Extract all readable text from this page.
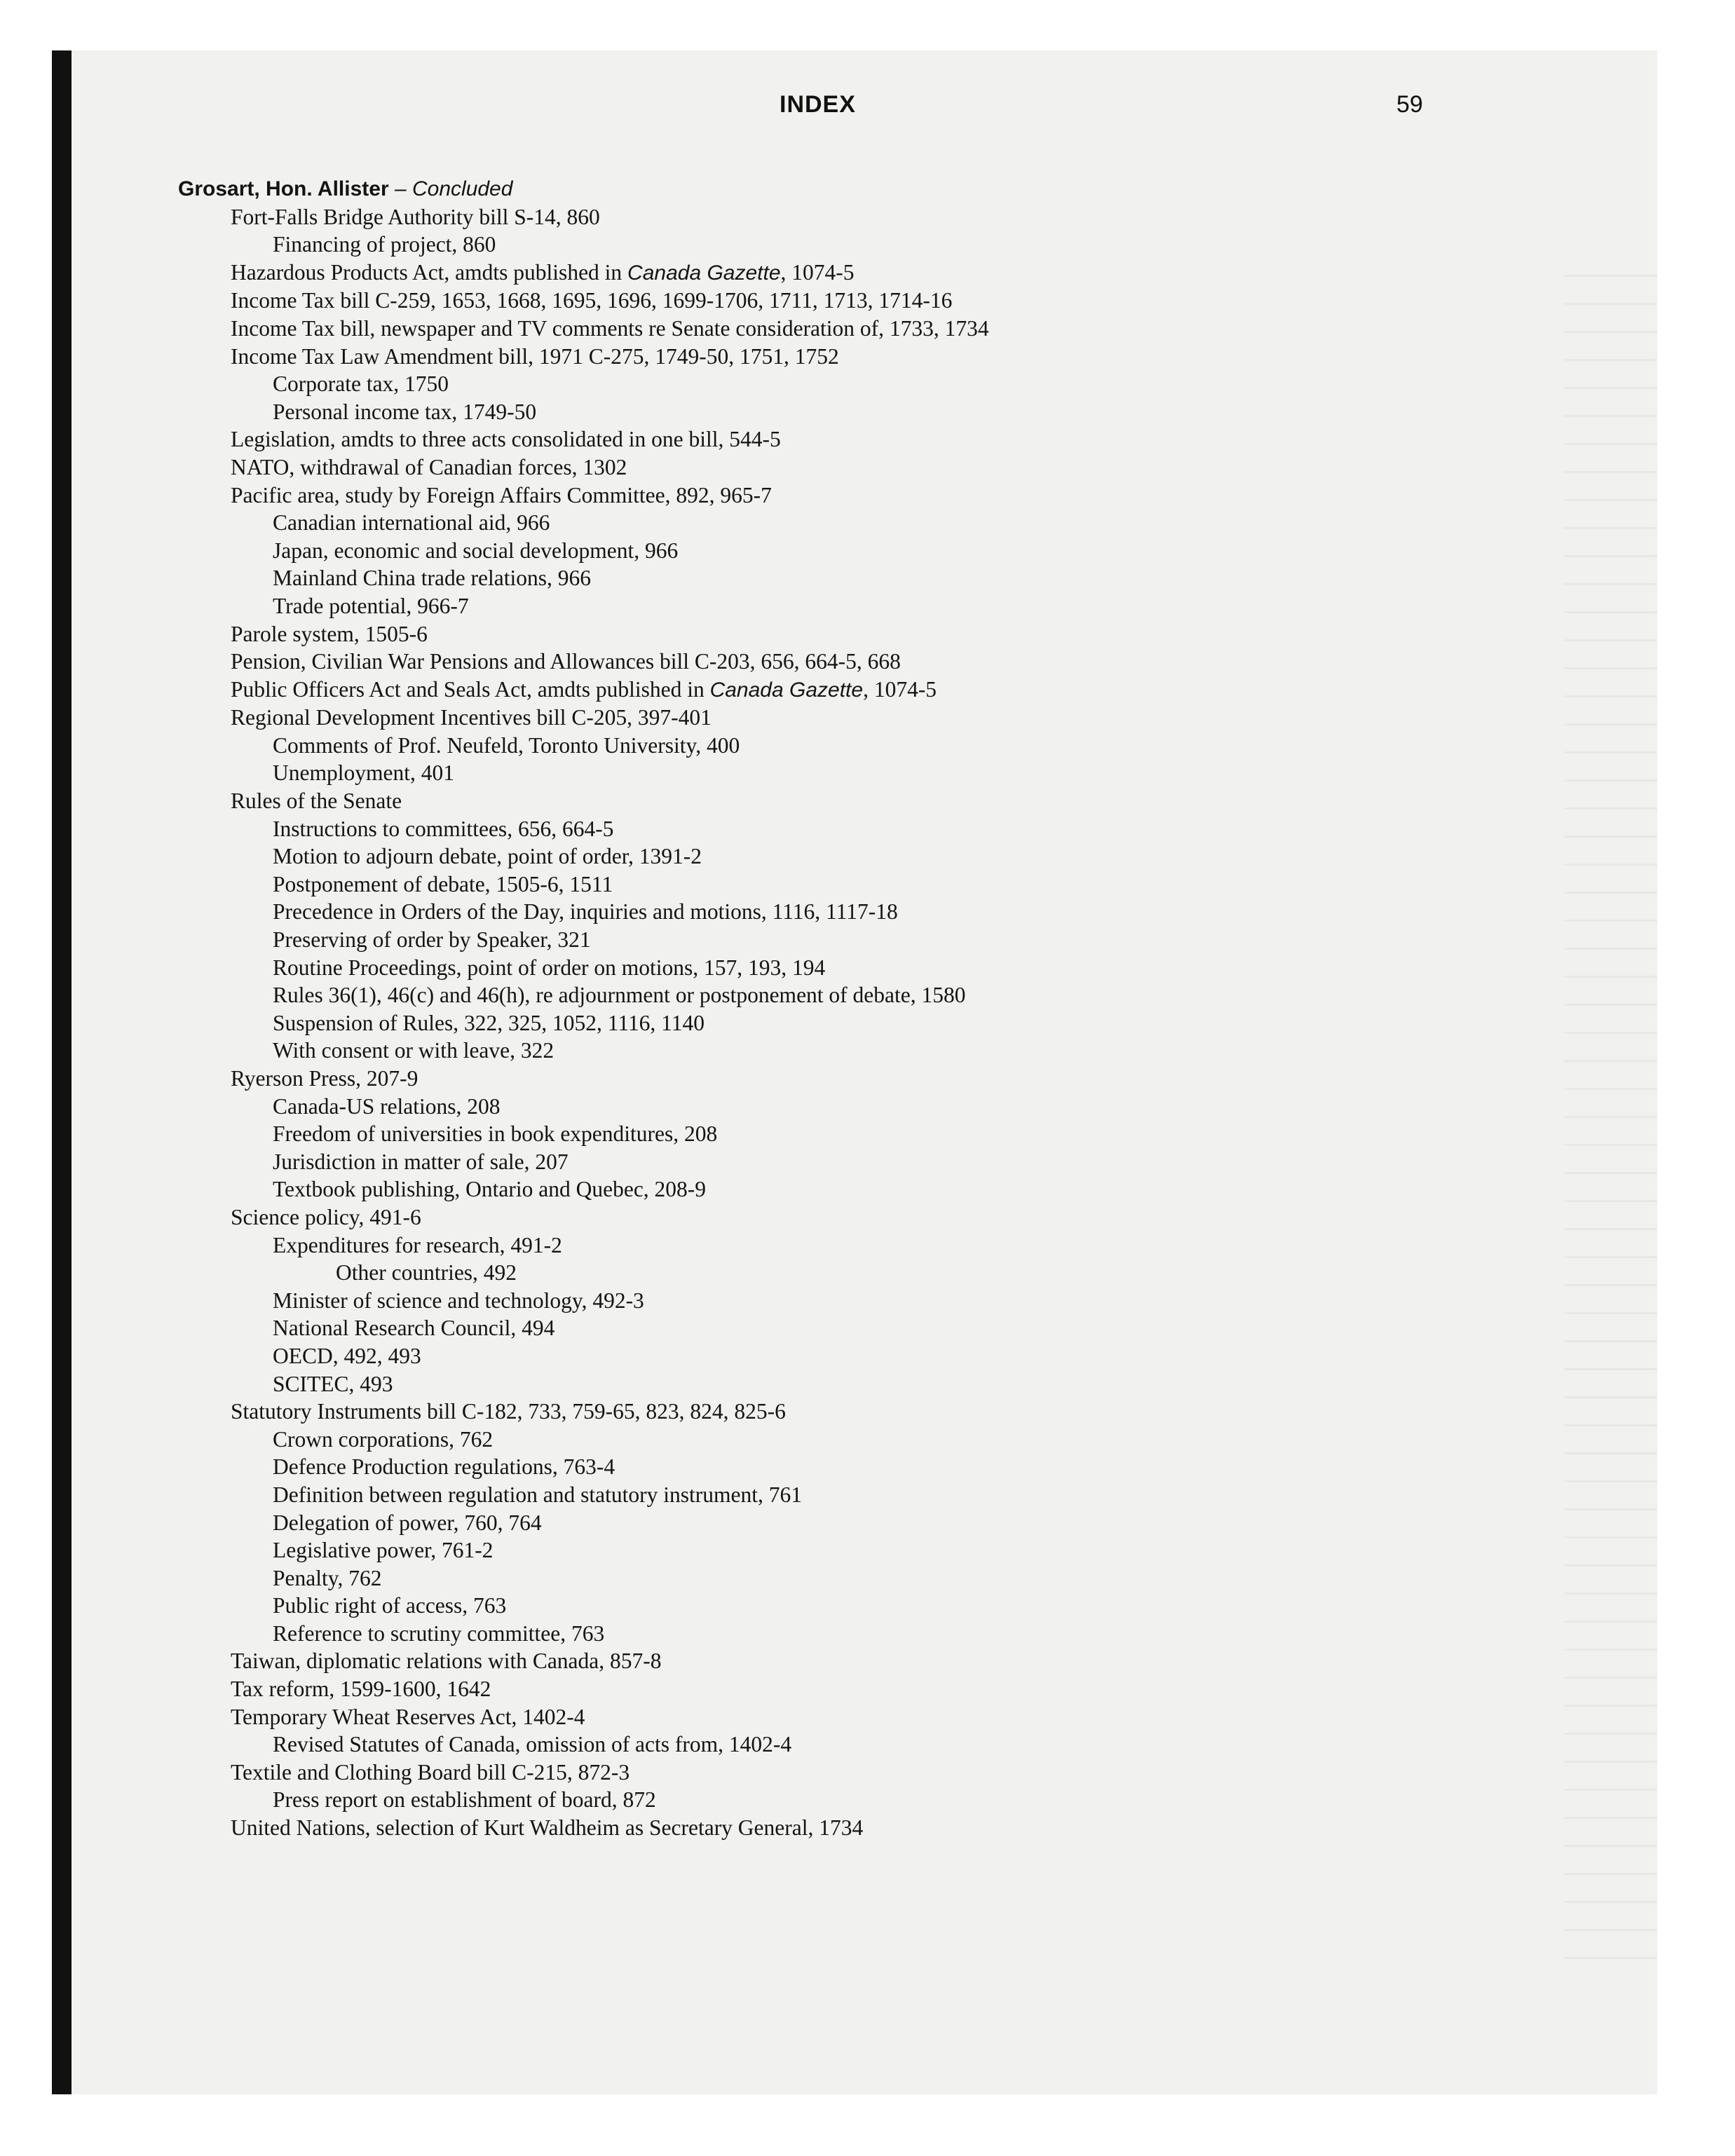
INDEX	59
Grosart, Hon. Allister – Concluded
Fort-Falls Bridge Authority bill S-14, 860
Financing of project, 860
Hazardous Products Act, amdts published in Canada Gazette, 1074-5
Income Tax bill C-259, 1653, 1668, 1695, 1696, 1699-1706, 1711, 1713, 1714-16
Income Tax bill, newspaper and TV comments re Senate consideration of, 1733, 1734
Income Tax Law Amendment bill, 1971 C-275, 1749-50, 1751, 1752
Corporate tax, 1750
Personal income tax, 1749-50
Legislation, amdts to three acts consolidated in one bill, 544-5
NATO, withdrawal of Canadian forces, 1302
Pacific area, study by Foreign Affairs Committee, 892, 965-7
Canadian international aid, 966
Japan, economic and social development, 966
Mainland China trade relations, 966
Trade potential, 966-7
Parole system, 1505-6
Pension, Civilian War Pensions and Allowances bill C-203, 656, 664-5, 668
Public Officers Act and Seals Act, amdts published in Canada Gazette, 1074-5
Regional Development Incentives bill C-205, 397-401
Comments of Prof. Neufeld, Toronto University, 400
Unemployment, 401
Rules of the Senate
Instructions to committees, 656, 664-5
Motion to adjourn debate, point of order, 1391-2
Postponement of debate, 1505-6, 1511
Precedence in Orders of the Day, inquiries and motions, 1116, 1117-18
Preserving of order by Speaker, 321
Routine Proceedings, point of order on motions, 157, 193, 194
Rules 36(1), 46(c) and 46(h), re adjournment or postponement of debate, 1580
Suspension of Rules, 322, 325, 1052, 1116, 1140
With consent or with leave, 322
Ryerson Press, 207-9
Canada-US relations, 208
Freedom of universities in book expenditures, 208
Jurisdiction in matter of sale, 207
Textbook publishing, Ontario and Quebec, 208-9
Science policy, 491-6
Expenditures for research, 491-2
Other countries, 492
Minister of science and technology, 492-3
National Research Council, 494
OECD, 492, 493
SCITEC, 493
Statutory Instruments bill C-182, 733, 759-65, 823, 824, 825-6
Crown corporations, 762
Defence Production regulations, 763-4
Definition between regulation and statutory instrument, 761
Delegation of power, 760, 764
Legislative power, 761-2
Penalty, 762
Public right of access, 763
Reference to scrutiny committee, 763
Taiwan, diplomatic relations with Canada, 857-8
Tax reform, 1599-1600, 1642
Temporary Wheat Reserves Act, 1402-4
Revised Statutes of Canada, omission of acts from, 1402-4
Textile and Clothing Board bill C-215, 872-3
Press report on establishment of board, 872
United Nations, selection of Kurt Waldheim as Secretary General, 1734
